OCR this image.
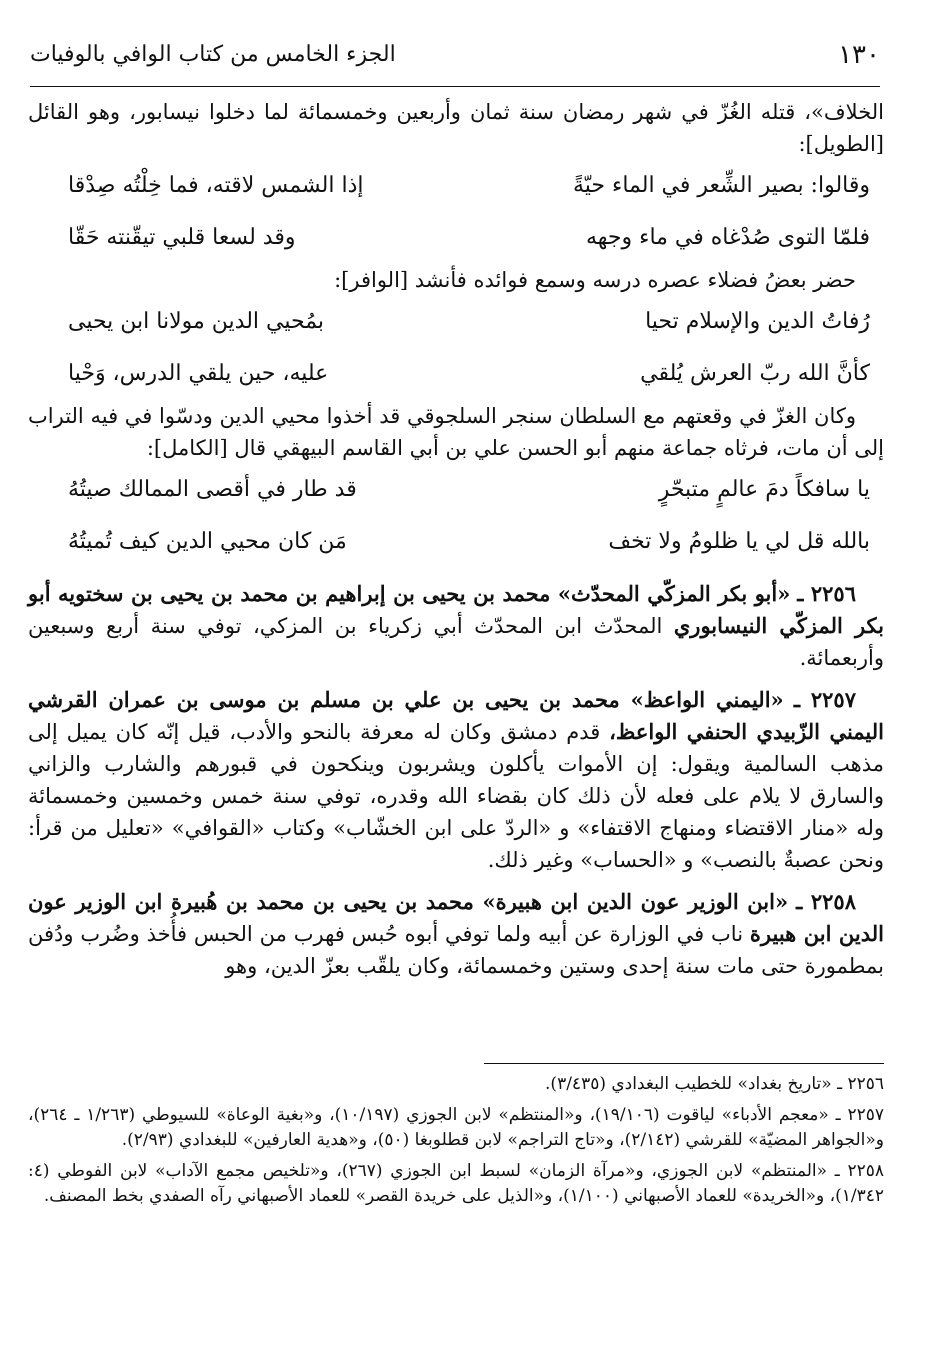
١٣٠
الجزء الخامس من كتاب الوافي بالوفيات

الخلاف»، قتله الغُزّ في شهر رمضان سنة ثمان وأربعين وخمسمائة لما دخلوا نيسابور، وهو القائل [الطويل]:

وقالوا: بصير الشِّعر في الماء حيّةً
إذا الشمس لاقته، فما خِلْتُه صِدْقا
فلمّا التوى صُدْغاه في ماء وجهه
وقد لسعا قلبي تيقّنته حَقّا

حضر بعضُ فضلاء عصره درسه وسمع فوائده فأنشد [الوافر]:

رُفاتُ الدين والإسلام تحيا
بمُحيي الدين مولانا ابن يحيى
كأنَّ الله ربّ العرش يُلقي
عليه، حين يلقي الدرس، وَحْيا

وكان الغزّ في وقعتهم مع السلطان سنجر السلجوقي قد أخذوا محيي الدين ودسّوا في فيه التراب إلى أن مات، فرثاه جماعة منهم أبو الحسن علي بن أبي القاسم البيهقي قال [الكامل]:

يا سافكاً دمَ عالمٍ متبحّرٍ
قد طار في أقصى الممالك صيتُهُ
بالله قل لي يا ظلومُ ولا تخف
مَن كان محيي الدين كيف تُميتُهُ

٢٢٥٦ ـ «أبو بكر المزكّي المحدّث» محمد بن يحيى بن إبراهيم بن محمد بن يحيى بن سختويه أبو بكر المزكّي النيسابوري المحدّث ابن المحدّث أبي زكرياء بن المزكي، توفي سنة أربع وسبعين وأربعمائة.

٢٢٥٧ ـ «اليمني الواعظ» محمد بن يحيى بن علي بن مسلم بن موسى بن عمران القرشي اليمني الزّبيدي الحنفي الواعظ، قدم دمشق وكان له معرفة بالنحو والأدب، قيل إنّه كان يميل إلى مذهب السالمية ويقول: إن الأموات يأكلون ويشربون وينكحون في قبورهم والشارب والزاني والسارق لا يلام على فعله لأن ذلك كان بقضاء الله وقدره، توفي سنة خمس وخمسين وخمسمائة وله «منار الاقتضاء ومنهاج الاقتفاء» و «الردّ على ابن الخشّاب» وكتاب «القوافي» «تعليل من قرأ: ونحن عصبةٌ بالنصب» و «الحساب» وغير ذلك.

٢٢٥٨ ـ «ابن الوزير عون الدين ابن هبيرة» محمد بن يحيى بن محمد بن هُبيرة ابن الوزير عون الدين ابن هبيرة ناب في الوزارة عن أبيه ولما توفي أبوه حُبس فهرب من الحبس فأُخذ وضُرب ودُفن بمطمورة حتى مات سنة إحدى وستين وخمسمائة، وكان يلقّب بعزّ الدين، وهو

٢٢٥٦ ـ «تاريخ بغداد» للخطيب البغدادي (٣/٤٣٥).

٢٢٥٧ ـ «معجم الأدباء» لياقوت (١٩/١٠٦)، و«المنتظم» لابن الجوزي (١٠/١٩٧)، و«بغية الوعاة» للسيوطي (١/٢٦٣ ـ ٢٦٤)، و«الجواهر المضيّة» للقرشي (٢/١٤٢)، و«تاج التراجم» لابن قطلوبغا (٥٠)، و«هدية العارفين» للبغدادي (٢/٩٣).

٢٢٥٨ ـ «المنتظم» لابن الجوزي، و«مرآة الزمان» لسبط ابن الجوزي (٢٦٧)، و«تلخيص مجمع الآداب» لابن الفوطي (٤: ١/٣٤٢)، و«الخريدة» للعماد الأصبهاني (١/١٠٠)، و«الذيل على خريدة القصر» للعماد الأصبهاني رآه الصفدي بخط المصنف.
